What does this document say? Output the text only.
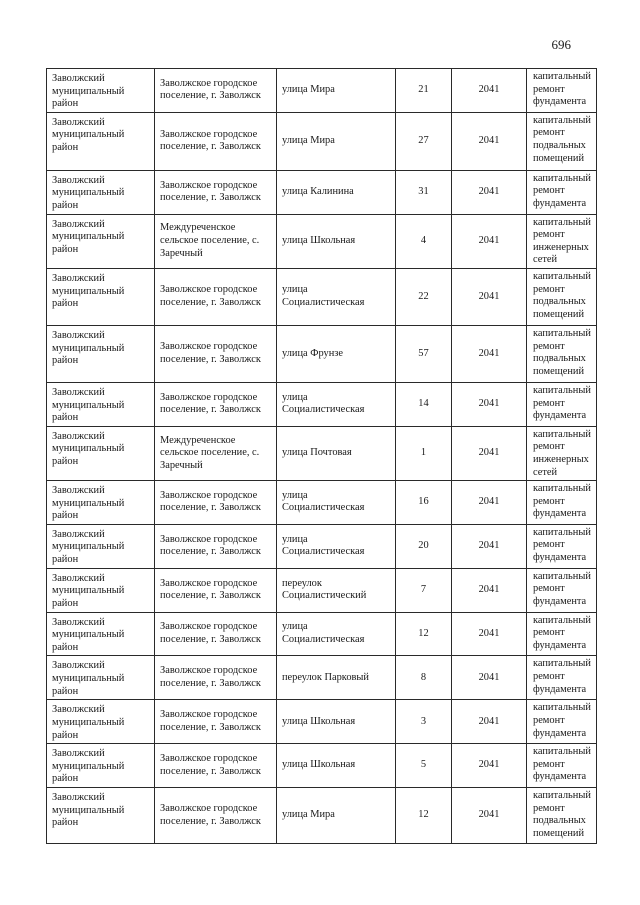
696
Заволжский муниципальный район	Заволжское городское поселение, г. Заволжск	улица Мира	21	2041	капитальный ремонт фундамента
Заволжский муниципальный район	Заволжское городское поселение, г. Заволжск	улица Мира	27	2041	капитальный ремонт подвальных помещений
Заволжский муниципальный район	Заволжское городское поселение, г. Заволжск	улица Калинина	31	2041	капитальный ремонт фундамента
Заволжский муниципальный район	Междуреченское сельское поселение, с. Заречный	улица Школьная	4	2041	капитальный ремонт инженерных сетей
Заволжский муниципальный район	Заволжское городское поселение, г. Заволжск	улица Социалистическая	22	2041	капитальный ремонт подвальных помещений
Заволжский муниципальный район	Заволжское городское поселение, г. Заволжск	улица Фрунзе	57	2041	капитальный ремонт подвальных помещений
Заволжский муниципальный район	Заволжское городское поселение, г. Заволжск	улица Социалистическая	14	2041	капитальный ремонт фундамента
Заволжский муниципальный район	Междуреченское сельское поселение, с. Заречный	улица Почтовая	1	2041	капитальный ремонт инженерных сетей
Заволжский муниципальный район	Заволжское городское поселение, г. Заволжск	улица Социалистическая	16	2041	капитальный ремонт фундамента
Заволжский муниципальный район	Заволжское городское поселение, г. Заволжск	улица Социалистическая	20	2041	капитальный ремонт фундамента
Заволжский муниципальный район	Заволжское городское поселение, г. Заволжск	переулок Социалистический	7	2041	капитальный ремонт фундамента
Заволжский муниципальный район	Заволжское городское поселение, г. Заволжск	улица Социалистическая	12	2041	капитальный ремонт фундамента
Заволжский муниципальный район	Заволжское городское поселение, г. Заволжск	переулок Парковый	8	2041	капитальный ремонт фундамента
Заволжский муниципальный район	Заволжское городское поселение, г. Заволжск	улица Школьная	3	2041	капитальный ремонт фундамента
Заволжский муниципальный район	Заволжское городское поселение, г. Заволжск	улица Школьная	5	2041	капитальный ремонт фундамента
Заволжский муниципальный район	Заволжское городское поселение, г. Заволжск	улица Мира	12	2041	капитальный ремонт подвальных помещений
